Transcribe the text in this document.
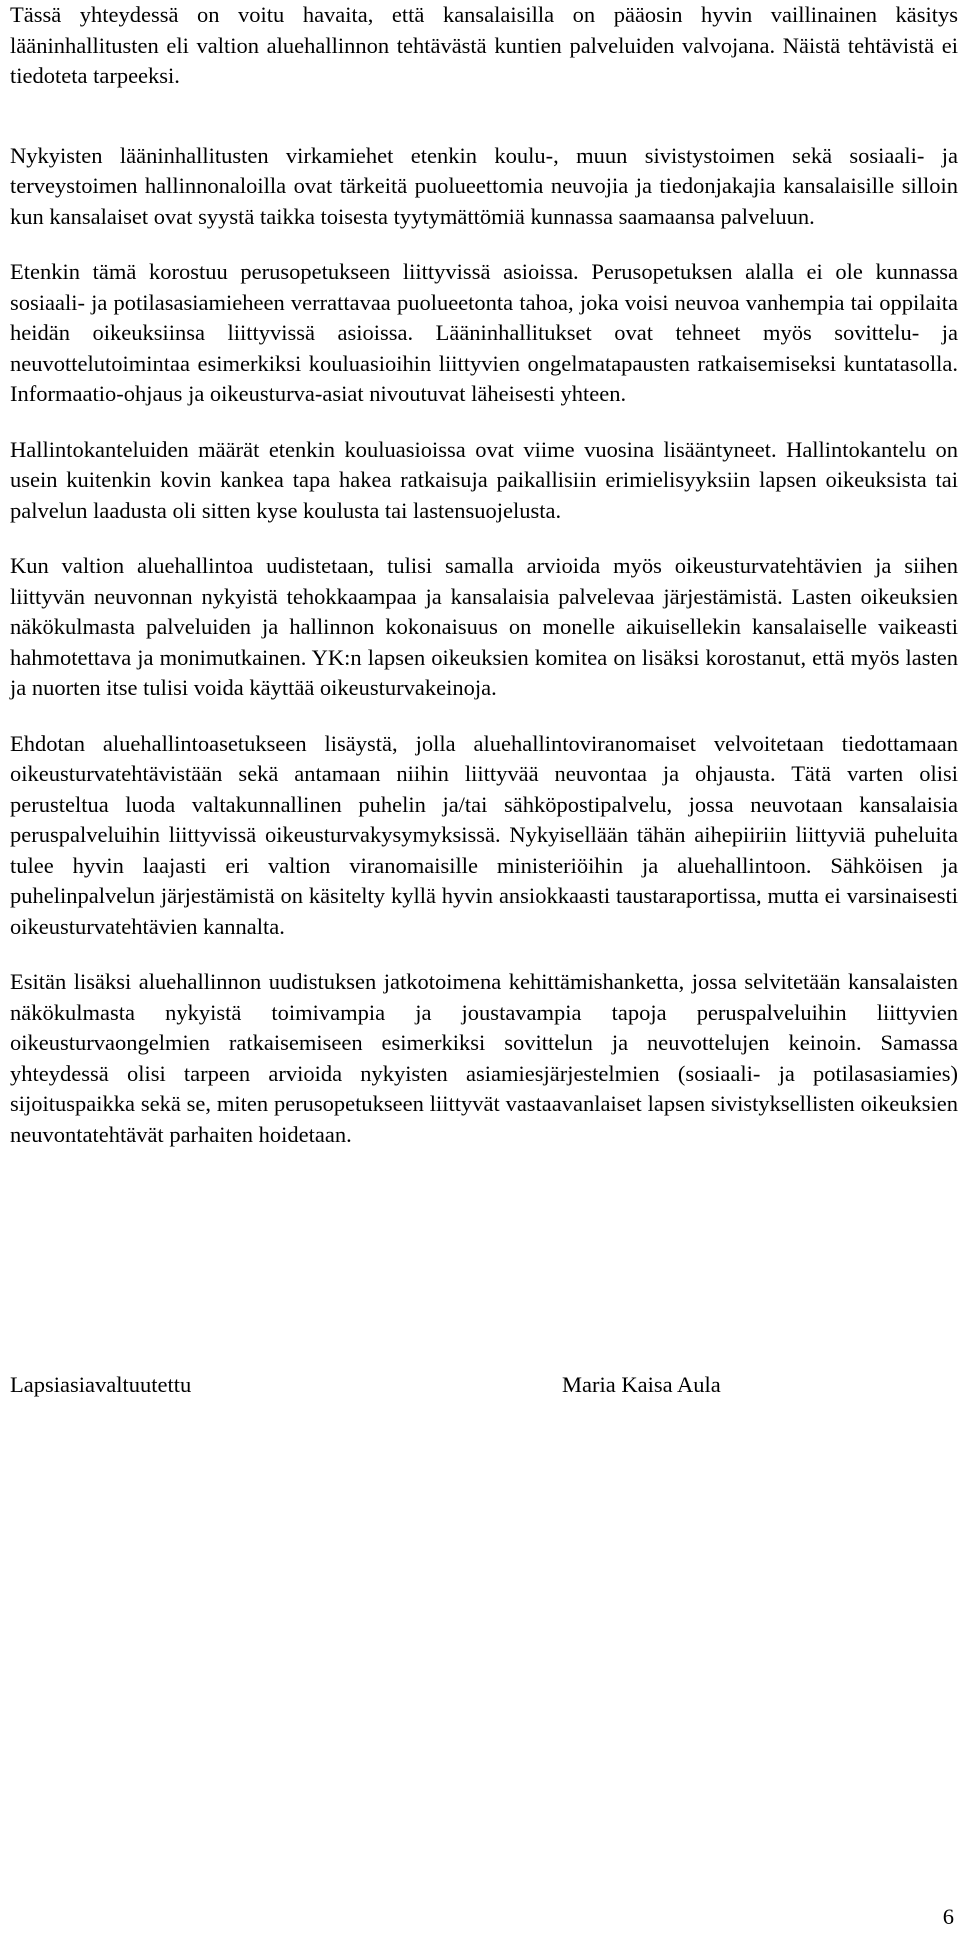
Tässä yhteydessä on voitu havaita, että kansalaisilla on pääosin hyvin vaillinainen käsitys lääninhallitusten eli valtion aluehallinnon tehtävästä kuntien palveluiden valvojana. Näistä tehtävistä ei tiedoteta tarpeeksi.

Nykyisten lääninhallitusten virkamiehet etenkin koulu-, muun sivistystoimen sekä sosiaali- ja terveystoimen hallinnonaloilla ovat tärkeitä puolueettomia neuvojia ja tiedonjakajia kansalaisille silloin kun kansalaiset ovat syystä taikka toisesta tyytymättömiä kunnassa saamaansa palveluun.

Etenkin tämä korostuu perusopetukseen liittyvissä asioissa. Perusopetuksen alalla ei ole kunnassa sosiaali- ja potilasasiamieheen verrattavaa puolueetonta tahoa, joka voisi neuvoa vanhempia tai oppilaita heidän oikeuksiinsa liittyvissä asioissa. Lääninhallitukset ovat tehneet myös sovittelu- ja neuvottelutoimintaa esimerkiksi kouluasioihin liittyvien ongelmatapausten ratkaisemiseksi kuntatasolla. Informaatio-ohjaus ja oikeusturva-asiat nivoutuvat läheisesti yhteen.

Hallintokanteluiden määrät etenkin kouluasioissa ovat viime vuosina lisääntyneet. Hallintokantelu on usein kuitenkin kovin kankea tapa hakea ratkaisuja paikallisiin erimielisyyksiin lapsen oikeuksista tai palvelun laadusta oli sitten kyse koulusta tai lastensuojelusta.

Kun valtion aluehallintoa uudistetaan, tulisi samalla arvioida myös oikeusturvatehtävien ja siihen liittyvän neuvonnan nykyistä tehokkaampaa ja kansalaisia palvelevaa järjestämistä. Lasten oikeuksien näkökulmasta palveluiden ja hallinnon kokonaisuus on monelle aikuisellekin kansalaiselle vaikeasti hahmotettava ja monimutkainen. YK:n lapsen oikeuksien komitea on lisäksi korostanut, että myös lasten ja nuorten itse tulisi voida käyttää oikeusturvakeinoja.

Ehdotan aluehallintoasetukseen lisäystä, jolla aluehallintoviranomaiset velvoitetaan tiedottamaan oikeusturvatehtävistään sekä antamaan niihin liittyvää neuvontaa ja ohjausta. Tätä varten olisi perusteltua luoda valtakunnallinen puhelin ja/tai sähköpostipalvelu, jossa neuvotaan kansalaisia peruspalveluihin liittyvissä oikeusturvakysymyksissä. Nykyisellään tähän aihepiiriin liittyviä puheluita tulee hyvin laajasti eri valtion viranomaisille ministeriöihin ja aluehallintoon. Sähköisen ja puhelinpalvelun järjestämistä on käsitelty kyllä hyvin ansiokkaasti taustaraportissa, mutta ei varsinaisesti oikeusturvatehtävien kannalta.

Esitän lisäksi aluehallinnon uudistuksen jatkotoimena kehittämishanketta, jossa selvitetään kansalaisten näkökulmasta nykyistä toimivampia ja joustavampia tapoja peruspalveluihin liittyvien oikeusturvaongelmien ratkaisemiseen esimerkiksi sovittelun ja neuvottelujen keinoin. Samassa yhteydessä olisi tarpeen arvioida nykyisten asiamiesjärjestelmien (sosiaali- ja potilasasiamies) sijoituspaikka sekä se, miten perusopetukseen liittyvät vastaavanlaiset lapsen sivistyksellisten oikeuksien neuvontatehtävät parhaiten hoidetaan.

Lapsiasiavaltuutettu	Maria Kaisa Aula
6
